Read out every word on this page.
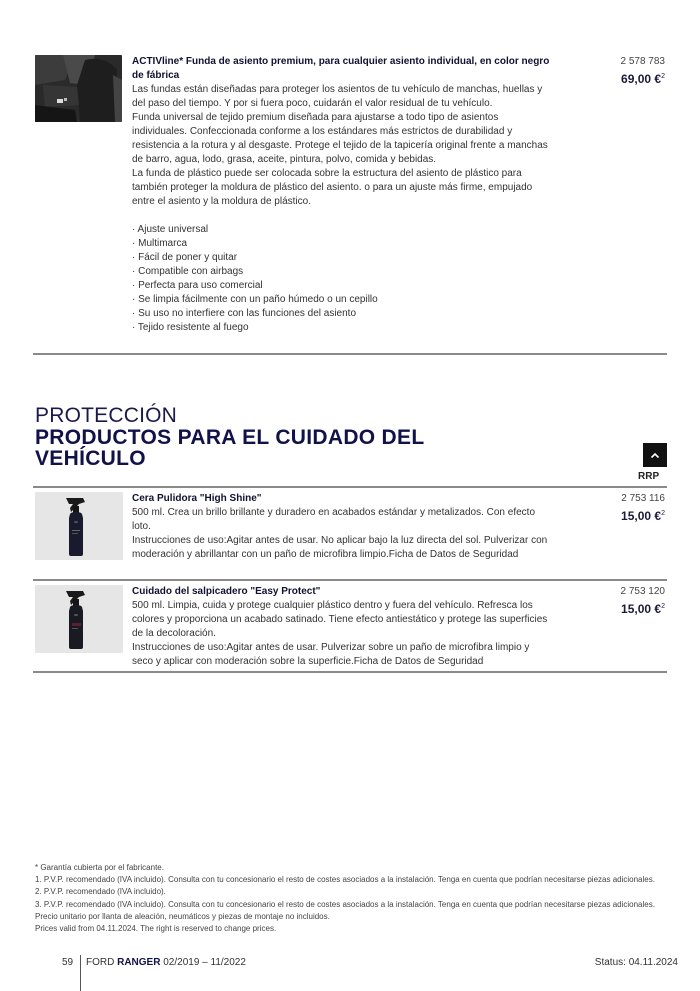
ACTIVline* Funda de asiento premium, para cualquier asiento individual, en color negro de fábrica
Las fundas están diseñadas para proteger los asientos de tu vehículo de manchas, huellas y del paso del tiempo. Y por si fuera poco, cuidarán el valor residual de tu vehículo.
Funda universal de tejido premium diseñada para ajustarse a todo tipo de asientos individuales. Confeccionada conforme a los estándares más estrictos de durabilidad y resistencia a la rotura y al desgaste. Protege el tejido de la tapicería original frente a manchas de barro, agua, lodo, grasa, aceite, pintura, polvo, comida y bebidas.
La funda de plástico puede ser colocada sobre la estructura del asiento de plástico para también proteger la moldura de plástico del asiento. o para un ajuste más firme, empujado entre el asiento y la moldura de plástico.
· Ajuste universal
· Multimarca
· Fácil de poner y quitar
· Compatible con airbags
· Perfecta para uso comercial
· Se limpia fácilmente con un paño húmedo o un cepillo
· Su uso no interfiere con las funciones del asiento
· Tejido resistente al fuego
2 578 783
69,00 €$^2$
PROTECCIÓN
PRODUCTOS PARA EL CUIDADO DEL
VEHÍCULO
RRP
Cera Pulidora "High Shine"
500 ml. Crea un brillo brillante y duradero en acabados estándar y metalizados. Con efecto loto.
Instrucciones de uso:Agitar antes de usar. No aplicar bajo la luz directa del sol. Pulverizar con moderación y abrillantar con un paño de microfibra limpio.Ficha de Datos de Seguridad
2 753 116
15,00 €$^2$
Cuidado del salpicadero "Easy Protect"
500 ml. Limpia, cuida y protege cualquier plástico dentro y fuera del vehículo. Refresca los colores y proporciona un acabado satinado. Tiene efecto antiestático y protege las superficies de la decoloración.
Instrucciones de uso:Agitar antes de usar. Pulverizar sobre un paño de microfibra limpio y seco y aplicar con moderación sobre la superficie.Ficha de Datos de Seguridad
2 753 120
15,00 €$^2$
* Garantía cubierta por el fabricante.
1. P.V.P. recomendado (IVA incluido). Consulta con tu concesionario el resto de costes asociados a la instalación. Tenga en cuenta que podrían necesitarse piezas adicionales.
2. P.V.P. recomendado (IVA incluido).
3. P.V.P. recomendado (IVA incluido). Consulta con tu concesionario el resto de costes asociados a la instalación. Tenga en cuenta que podrían necesitarse piezas adicionales. Precio unitario por llanta de aleación, neumáticos y piezas de montaje no incluidos.
Prices valid from 04.11.2024. The right is reserved to change prices.
59 FORD RANGER 02/2019 – 11/2022	Status: 04.11.2024
